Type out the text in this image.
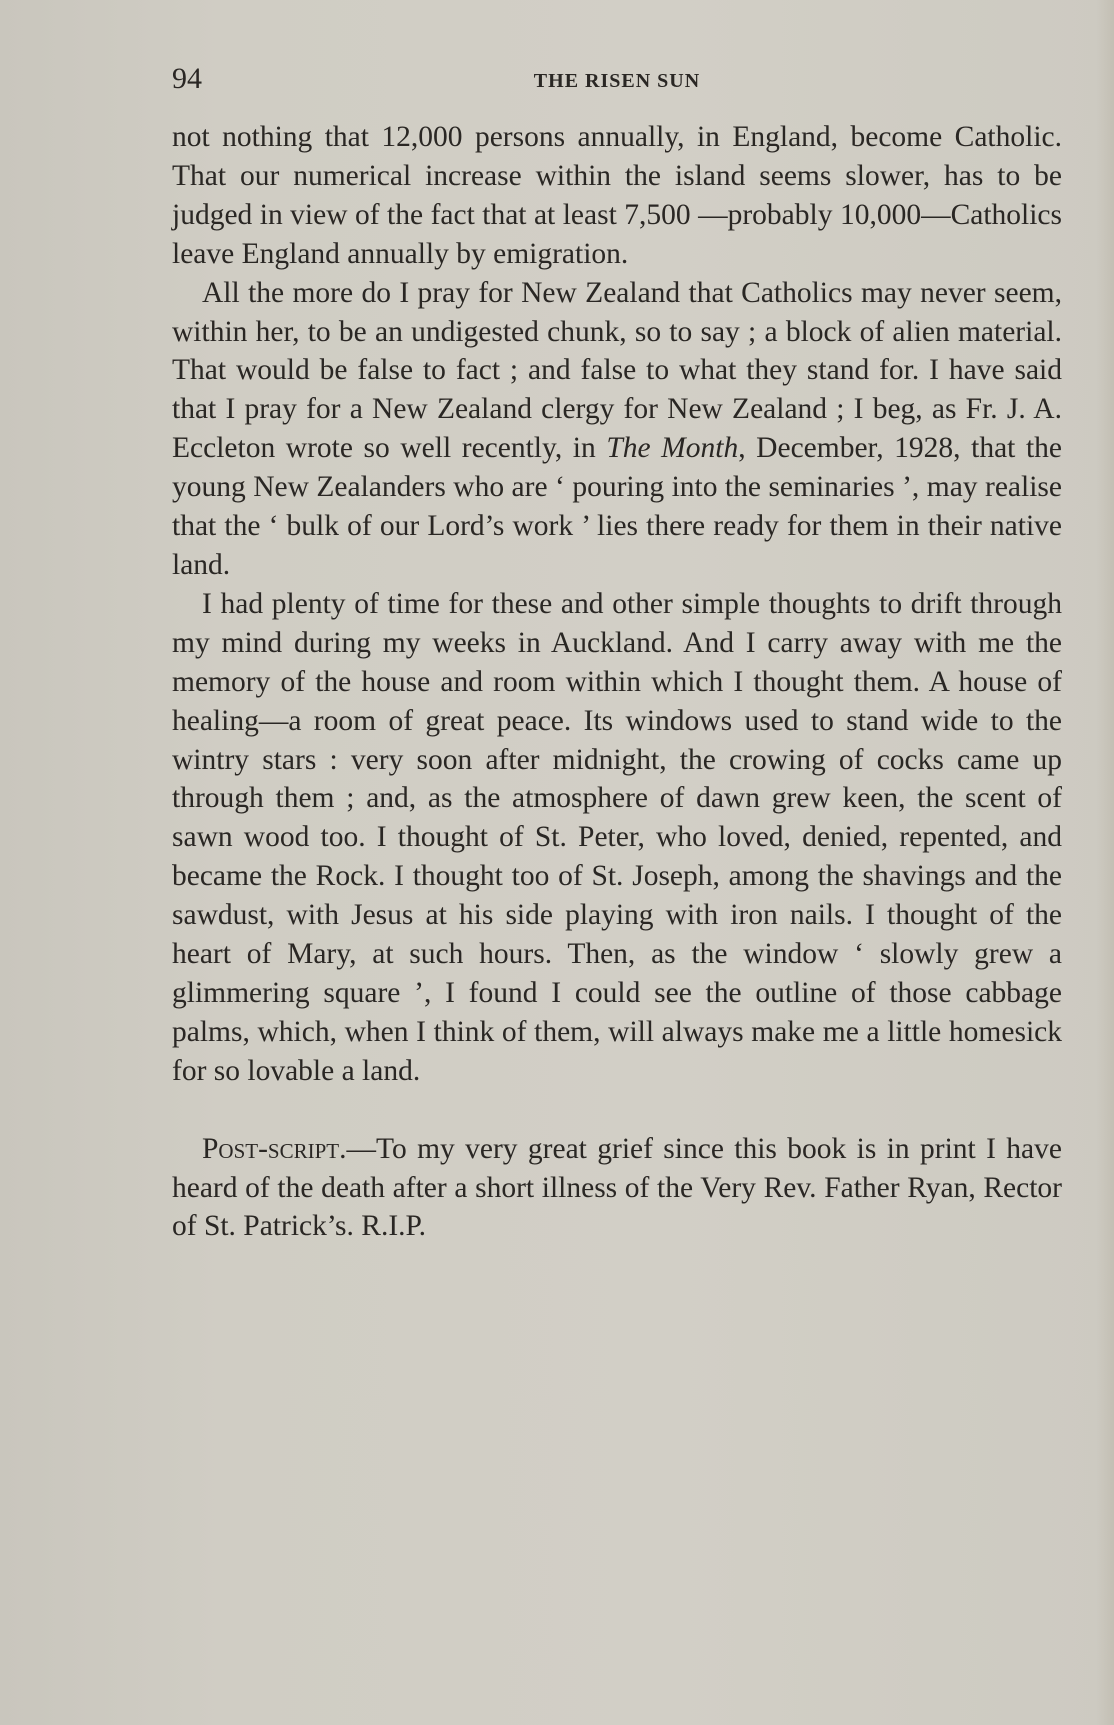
94	THE RISEN SUN

not nothing that 12,000 persons annually, in England, become Catholic. That our numerical increase within the island seems slower, has to be judged in view of the fact that at least 7,500 —probably 10,000—Catholics leave England annually by emigration.

All the more do I pray for New Zealand that Catholics may never seem, within her, to be an undigested chunk, so to say ; a block of alien material. That would be false to fact ; and false to what they stand for. I have said that I pray for a New Zealand clergy for New Zealand ; I beg, as Fr. J. A. Eccleton wrote so well recently, in The Month, December, 1928, that the young New Zealanders who are ‘ pouring into the seminaries ’, may realise that the ‘ bulk of our Lord’s work ’ lies there ready for them in their native land.

I had plenty of time for these and other simple thoughts to drift through my mind during my weeks in Auckland. And I carry away with me the memory of the house and room within which I thought them. A house of healing—a room of great peace. Its windows used to stand wide to the wintry stars : very soon after midnight, the crowing of cocks came up through them ; and, as the atmosphere of dawn grew keen, the scent of sawn wood too. I thought of St. Peter, who loved, denied, repented, and became the Rock. I thought too of St. Joseph, among the shavings and the sawdust, with Jesus at his side playing with iron nails. I thought of the heart of Mary, at such hours. Then, as the window ‘ slowly grew a glimmering square ’, I found I could see the outline of those cabbage palms, which, when I think of them, will always make me a little homesick for so lovable a land.

Post-script.—To my very great grief since this book is in print I have heard of the death after a short illness of the Very Rev. Father Ryan, Rector of St. Patrick’s. R.I.P.
